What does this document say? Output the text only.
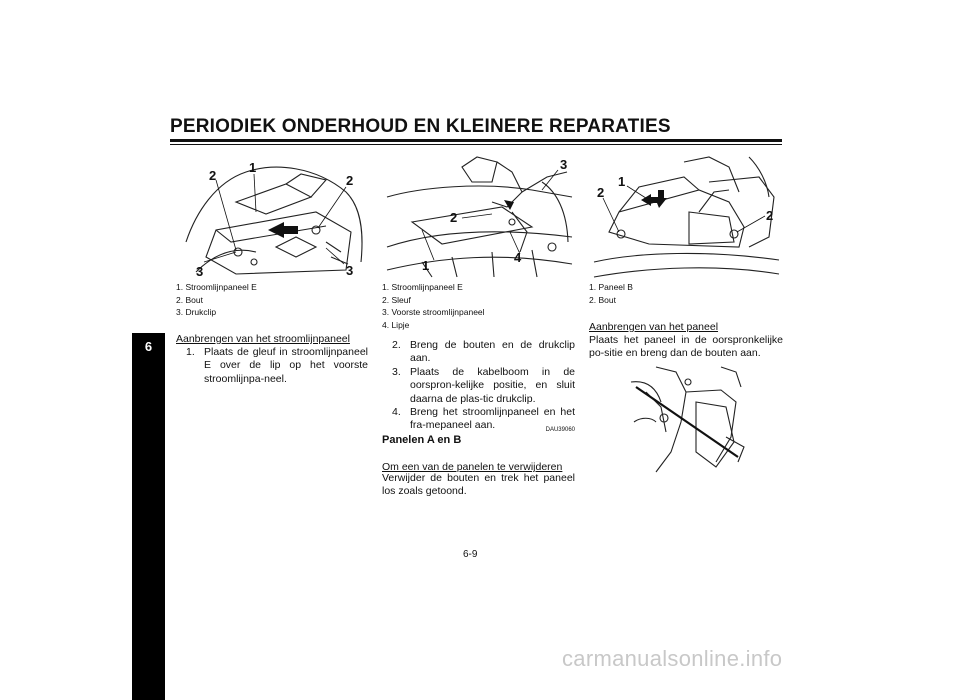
PERIODIEK ONDERHOUD EN KLEINERE REPARATIES
6
1
2	2
3	3
1. Stroomlijnpaneel E
2. Bout
3. Drukclip
Aanbrengen van het stroomlijnpaneel
1. Plaats de gleuf in stroomlijnpaneel E over de lip op het voorste stroomlijnpa-neel.
3
2
4
1
1. Stroomlijnpaneel E
2. Sleuf
3. Voorste stroomlijnpaneel
4. Lipje
2. Breng de bouten en de drukclip aan.
3. Plaats de kabelboom in de oorspron-kelijke positie, en sluit daarna de plas-tic drukclip.
4. Breng het stroomlijnpaneel en het fra-mepaneel aan.	DAU39060
Panelen A en B
Om een van de panelen te verwijderen
Verwijder de bouten en trek het paneel los zoals getoond.
2
1
2
1. Paneel B
2. Bout
Aanbrengen van het paneel
Plaats het paneel in de oorspronkelijke po-sitie en breng dan de bouten aan.
6-9
carmanualsonline.info
